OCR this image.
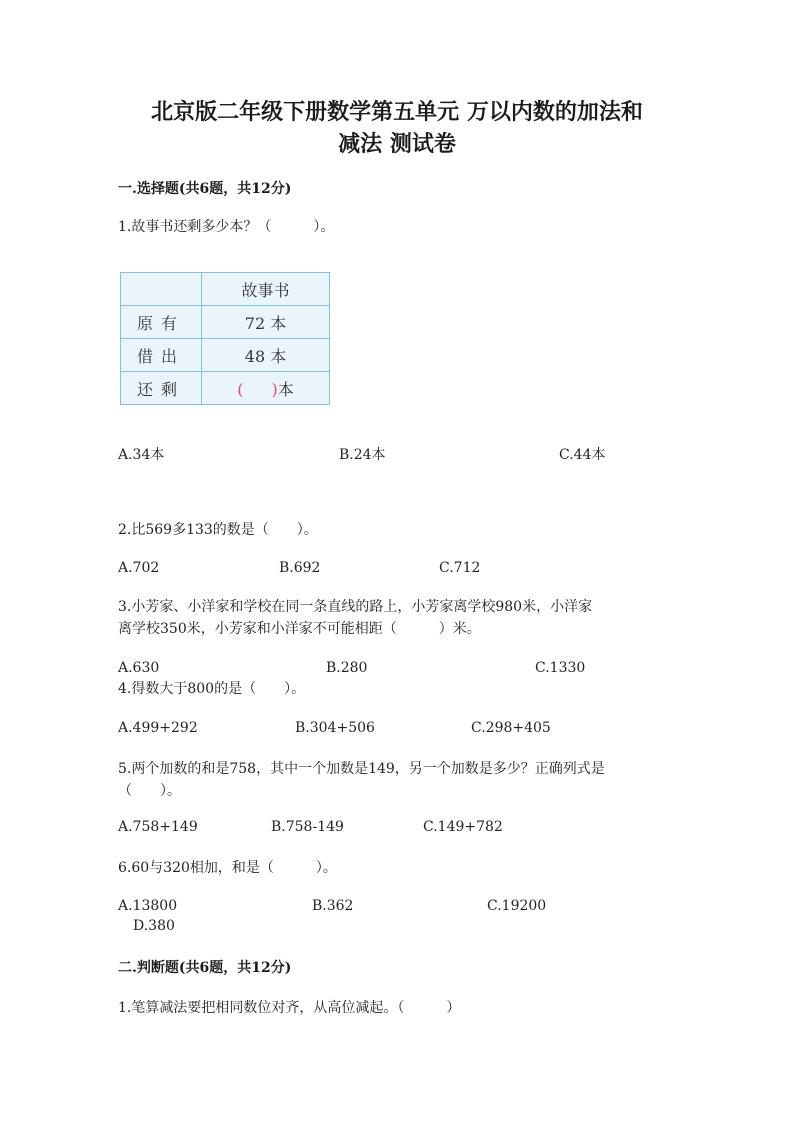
北京版二年级下册数学第五单元 万以内数的加法和
减法 测试卷
一.选择题(共6题，共12分)
1.故事书还剩多少本？（　　　）。
	故事书
原有	72 本
借出	48 本
还剩	( )本
A.34本	B.24本	C.44本
2.比569多133的数是（　　）。
A.702	B.692	C.712
3.小芳家、小洋家和学校在同一条直线的路上，小芳家离学校980米，小洋家
离学校350米，小芳家和小洋家不可能相距（　　　）米。
A.630	B.280	C.1330
4.得数大于800的是（　　）。
A.499+292	B.304+506	C.298+405
5.两个加数的和是758，其中一个加数是149，另一个加数是多少？正确列式是
（　　）。
A.758+149	B.758-149	C.149+782
6.60与320相加，和是（　　　）。
A.13800	B.362	C.19200
D.380
二.判断题(共6题，共12分)
1.笔算减法要把相同数位对齐，从高位减起。（　　　）
